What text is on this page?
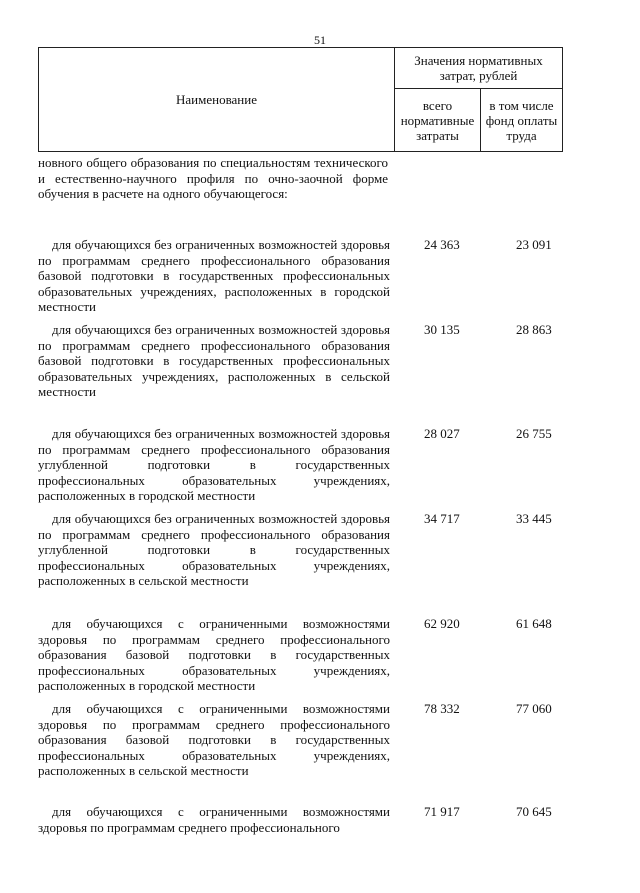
51
Наименование	Значения нормативных затрат, рублей	
	всего нормативные затраты	в том числе фонд оплаты труда
новного общего образования по специальностям технического и естественно-научного профиля по очно-заочной форме обучения в расчете на одного обучающегося:
для обучающихся без ограниченных возможностей здоровья по программам среднего профессионального образования базовой подготовки в государственных профессиональных образовательных учреждениях, расположенных в городской местности
24 363	23 091
для обучающихся без ограниченных возможностей здоровья по программам среднего профессионального образования базовой подготовки в государственных профессиональных образовательных учреждениях, расположенных в сельской местности
30 135	28 863
для обучающихся без ограниченных возможностей здоровья по программам среднего профессионального образования углубленной подготовки в государственных профессиональных образовательных учреждениях, расположенных в городской местности
28 027	26 755
для обучающихся без ограниченных возможностей здоровья по программам среднего профессионального образования углубленной подготовки в государственных профессиональных образовательных учреждениях, расположенных в сельской местности
34 717	33 445
для обучающихся с ограниченными возможностями здоровья по программам среднего профессионального образования базовой подготовки в государственных профессиональных образовательных учреждениях, расположенных в городской местности
62 920	61 648
для обучающихся с ограниченными возможностями здоровья по программам среднего профессионального образования базовой подготовки в государственных профессиональных образовательных учреждениях, расположенных в сельской местности
78 332	77 060
для обучающихся с ограниченными возможностями здоровья по программам среднего профессионального
71 917	70 645
